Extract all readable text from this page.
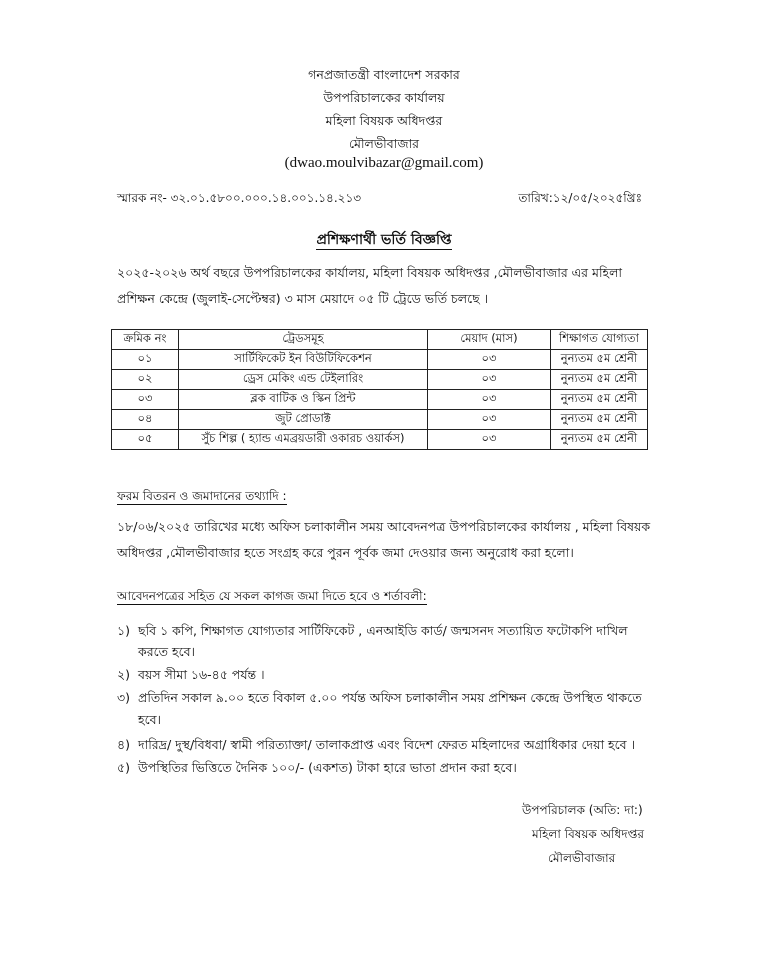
গনপ্রজাতন্ত্রী বাংলাদেশ সরকার
উপপরিচালকের কার্যালয়
মহিলা বিষয়ক অধিদপ্তর
মৌলভীবাজার
(dwao.moulvibazar@gmail.com)
স্মারক নং- ৩২.০১.৫৮০০.০০০.১৪.০০১.১৪.২১৩	তারিখ:১২/০৫/২০২৫খ্রিঃ
প্রশিক্ষণার্থী ভর্তি বিজ্ঞপ্তি
২০২৫-২০২৬ অর্থ বছরে উপপরিচালকের কার্যালয়, মহিলা বিষয়ক অধিদপ্তর ,মৌলভীবাজার এর মহিলা প্রশিক্ষন কেন্দ্রে (জুলাই-সেপ্টেম্বর) ৩ মাস মেয়াদে ০৫ টি ট্রেডে ভর্তি চলছে ।
ক্রমিক নং	ট্রেডসমূহ	মেয়াদ (মাস)	শিক্ষাগত যোগ্যতা
০১	সার্টিফিকেট ইন বিউটিফিকেশন	০৩	নুন্যতম ৫ম শ্রেনী
০২	ড্রেস মেকিং এন্ড টেইলারিং	০৩	নুন্যতম ৫ম শ্রেনী
০৩	ব্লক বাটিক ও স্কিন প্রিন্ট	০৩	নুন্যতম ৫ম শ্রেনী
০৪	জুট প্রোডাক্ট	০৩	নুন্যতম ৫ম শ্রেনী
০৫	সুঁচ শিল্প ( হ্যান্ড এমব্রয়ডারী ওকারচ ওয়ার্কস)	০৩	নুন্যতম ৫ম শ্রেনী
ফরম বিতরন ও জমাদানের তথ্যাদি :
১৮/০৬/২০২৫ তারিখের মধ্যে অফিস চলাকালীন সময় আবেদনপত্র উপপরিচালকের কার্যালয় , মহিলা বিষয়ক অধিদপ্তর ,মৌলভীবাজার হতে সংগ্রহ করে পুরন পূর্বক জমা দেওয়ার জন্য অনুরোধ করা হলো।
আবেদনপত্রের সহিত যে সকল কাগজ জমা দিতে হবে ও শর্তাবলী:
১) ছবি ১ কপি, শিক্ষাগত যোগ্যতার সার্টিফিকেট , এনআইডি কার্ড/ জন্মসনদ সত্যায়িত ফটোকপি দাখিল
করতে হবে।
২) বয়স সীমা ১৬-৪৫ পর্যন্ত ।
৩) প্রতিদিন সকাল ৯.০০ হতে বিকাল ৫.০০ পর্যন্ত অফিস চলাকালীন সময় প্রশিক্ষন কেন্দ্রে উপস্থিত থাকতে
হবে।
৪) দারিদ্র/ দুস্থ/বিধবা/ স্বামী পরিত্যাক্তা/ তালাকপ্রাপ্ত এবং বিদেশ ফেরত মহিলাদের অগ্রাধিকার দেয়া হবে ।
৫) উপস্থিতির ভিত্তিতে দৈনিক ১০০/- (একশত) টাকা হারে ভাতা প্রদান করা হবে।
উপপরিচালক (অতি: দা:)
মহিলা বিষয়ক অধিদপ্তর
মৌলভীবাজার
